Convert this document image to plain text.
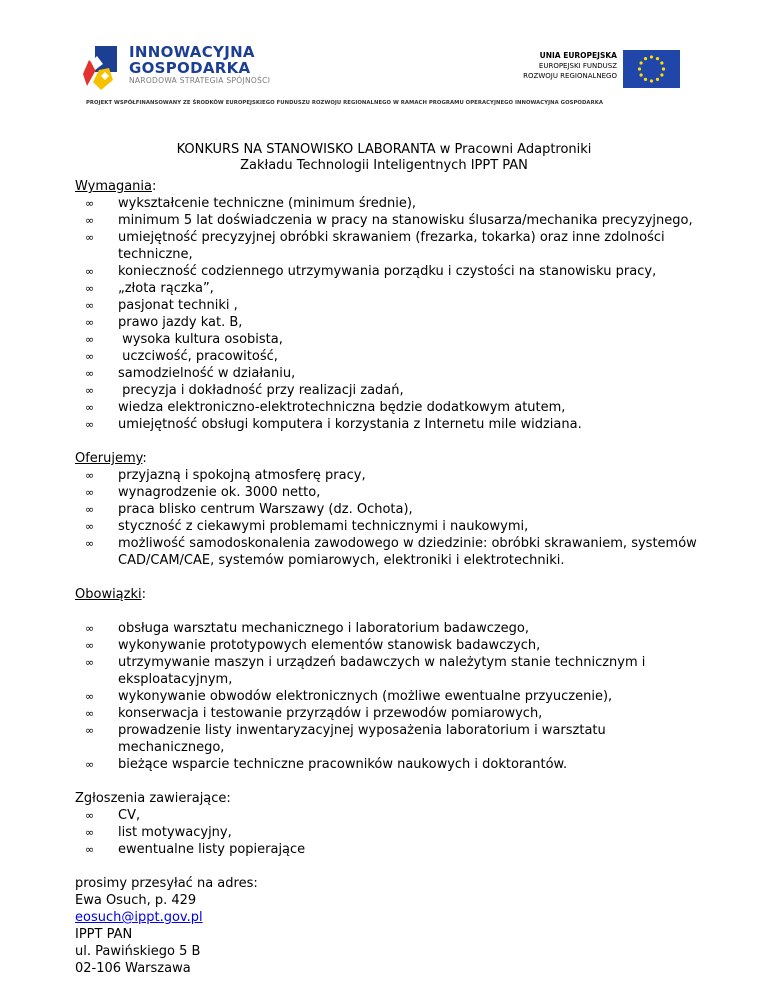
INNOWACYJNA
GOSPODARKA
NARODOWA STRATEGIA SPÓJNOŚCI
UNIA EUROPEJSKA
EUROPEJSKI FUNDUSZ
ROZWOJU REGIONALNEGO
PROJEKT WSPÓŁFINANSOWANY ZE ŚRODKÓW EUROPEJSKIEGO FUNDUSZU ROZWOJU REGIONALNEGO W RAMACH PROGRAMU OPERACYJNEGO INNOWACYJNA GOSPODARKA
KONKURS NA STANOWISKO LABORANTA w Pracowni Adaptroniki
Zakładu Technologii Inteligentnych IPPT PAN
Wymagania:
∞ wykształcenie techniczne (minimum średnie),
∞ minimum 5 lat doświadczenia w pracy na stanowisku ślusarza/mechanika precyzyjnego,
∞ umiejętność precyzyjnej obróbki skrawaniem (frezarka, tokarka) oraz inne zdolności
techniczne,
∞ konieczność codziennego utrzymywania porządku i czystości na stanowisku pracy,
∞ „złota rączka”,
∞ pasjonat techniki ,
∞ prawo jazdy kat. B,
∞ wysoka kultura osobista,
∞ uczciwość, pracowitość,
∞ samodzielność w działaniu,
∞ precyzja i dokładność przy realizacji zadań,
∞ wiedza elektroniczno-elektrotechniczna będzie dodatkowym atutem,
∞ umiejętność obsługi komputera i korzystania z Internetu mile widziana.
Oferujemy:
∞ przyjazną i spokojną atmosferę pracy,
∞ wynagrodzenie ok. 3000 netto,
∞ praca blisko centrum Warszawy (dz. Ochota),
∞ styczność z ciekawymi problemami technicznymi i naukowymi,
∞ możliwość samodoskonalenia zawodowego w dziedzinie: obróbki skrawaniem, systemów
CAD/CAM/CAE, systemów pomiarowych, elektroniki i elektrotechniki.
Obowiązki:
∞ obsługa warsztatu mechanicznego i laboratorium badawczego,
∞ wykonywanie prototypowych elementów stanowisk badawczych,
∞ utrzymywanie maszyn i urządzeń badawczych w należytym stanie technicznym i
eksploatacyjnym,
∞ wykonywanie obwodów elektronicznych (możliwe ewentualne przyuczenie),
∞ konserwacja i testowanie przyrządów i przewodów pomiarowych,
∞ prowadzenie listy inwentaryzacyjnej wyposażenia laboratorium i warsztatu
mechanicznego,
∞ bieżące wsparcie techniczne pracowników naukowych i doktorantów.
Zgłoszenia zawierające:
∞ CV,
∞ list motywacyjny,
∞ ewentualne listy popierające
prosimy przesyłać na adres:
Ewa Osuch, p. 429
eosuch@ippt.gov.pl
IPPT PAN
ul. Pawińskiego 5 B
02-106 Warszawa
